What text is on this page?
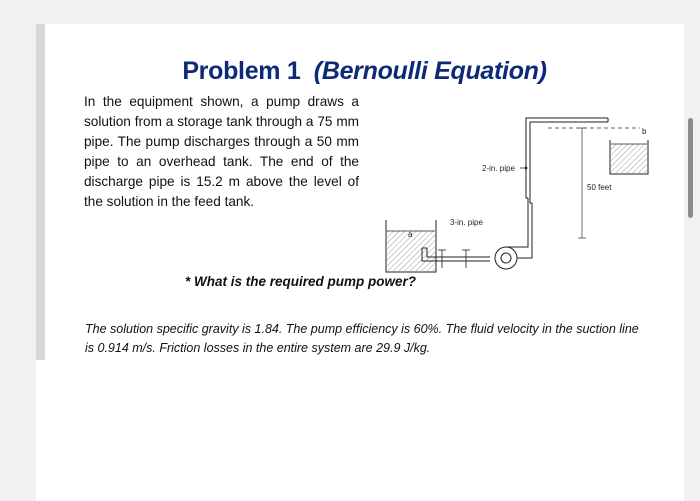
Problem 1 (Bernoulli Equation)
In the equipment shown, a pump draws a solution from a storage tank through a 75 mm pipe. The pump discharges through a 50 mm pipe to an overhead tank. The end of the discharge pipe is 15.2 m above the level of the solution in the feed tank.
50 feet
2-in. pipe
3-in. pipe
a
b
* What is the required pump power?
The solution specific gravity is 1.84. The pump efficiency is 60%. The fluid velocity in the suction line is 0.914 m/s. Friction losses in the entire system are 29.9 J/kg.
